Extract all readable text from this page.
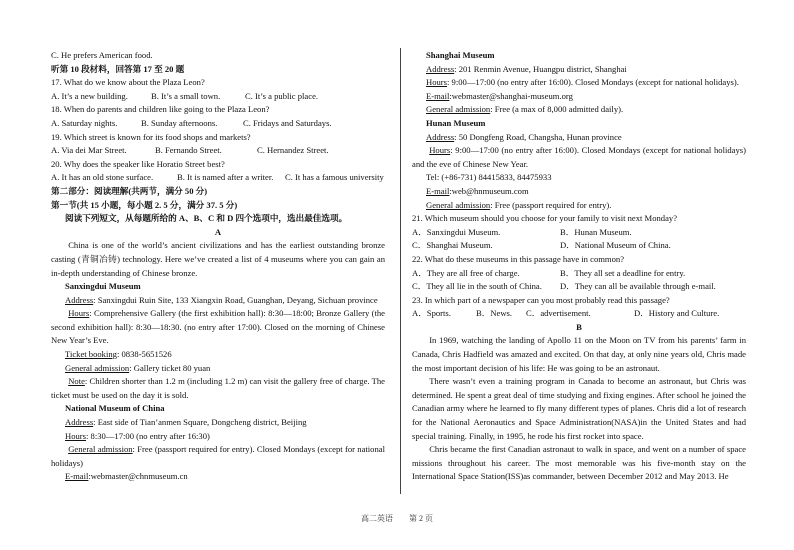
C. He prefers American food.
听第 10 段材料，回答第 17 至 20 题
17. What do we know about the Plaza Leon?
A. It’s a new building.	B. It’s a small town.	C. It’s a public place.
18. When do parents and children like going to the Plaza Leon?
A. Saturday nights.	B. Sunday afternoons.	C. Fridays and Saturdays.
19. Which street is known for its food shops and markets?
A. Via dei Mar Street.	B. Fernando Street.	C. Hernandez Street.
20. Why does the speaker like Horatio Street best?
A. It has an old stone surface.	B. It is named after a writer.	C. It has a famous university
第二部分：阅读理解(共两节，满分 50 分)
第一节(共 15 小题，每小题 2. 5 分，满分 37. 5 分)
阅读下列短文，从每题所给的 A、B、C 和 D 四个选项中，选出最佳选项。
A
China is one of the world’s ancient civilizations and has the earliest outstanding bronze casting (青铜冶铸) technology. Here we’ve created a list of 4 museums where you can gain an in-depth understanding of Chinese bronze.
Sanxingdui Museum
Address: Sanxingdui Ruin Site, 133 Xiangxin Road, Guanghan, Deyang, Sichuan province
Hours: Comprehensive Gallery (the first exhibition hall): 8:30—18:00; Bronze Gallery (the second exhibition hall): 8:30—18:30. (no entry after 17:00). Closed on the morning of Chinese New Year’s Eve.
Ticket booking: 0838-5651526
General admission: Gallery ticket 80 yuan
Note: Children shorter than 1.2 m (including 1.2 m) can visit the gallery free of charge. The ticket must be used on the day it is sold.
National Museum of China
Address: East side of Tian’anmen Square, Dongcheng district, Beijing
Hours: 8:30—17:00 (no entry after 16:30)
General admission: Free (passport required for entry). Closed Mondays (except for national holidays)
E-mail:webmaster@chnmuseum.cn
Shanghai Museum
Address: 201 Renmin Avenue, Huangpu district, Shanghai
Hours: 9:00—17:00 (no entry after 16:00). Closed Mondays (except for national holidays).
E-mail:webmaster@shanghai-museum.org
General admission: Free (a max of 8,000 admitted daily).
Hunan Museum
Address: 50 Dongfeng Road, Changsha, Hunan province
Hours: 9:00—17:00 (no entry after 16:00). Closed Mondays (except for national holidays) and the eve of Chinese New Year.
Tel: (+86-731) 84415833, 84475933
E-mail:web@hnmuseum.com
General admission: Free (passport required for entry).
21. Which museum should you choose for your family to visit next Monday?
A．Sanxingdui Museum.	B．Hunan Museum.
C．Shanghai Museum.	D．National Museum of China.
22. What do these museums in this passage have in common?
A．They are all free of charge.	B．They all set a deadline for entry.
C．They all lie in the south of China.	D．They can all be available through e-mail.
23. In which part of a newspaper can you most probably read this passage?
A．Sports.	B．News.	C．advertisement.	D．History and Culture.
B
In 1969, watching the landing of Apollo 11 on the Moon on TV from his parents’ farm in Canada, Chris Hadfield was amazed and excited. On that day, at only nine years old, Chris made the most important decision of his life: He was going to be an astronaut.
There wasn’t even a training program in Canada to become an astronaut, but Chris was determined. He spent a great deal of time studying and fixing engines. After school he joined the Canadian army where he learned to fly many different types of planes. Chris did a lot of research for the National Aeronautics and Space Administration(NASA)in the United States and had special training. Finally, in 1995, he rode his first rocket into space.
Chris became the first Canadian astronaut to walk in space, and went on a number of space missions throughout his career. The most memorable was his five-month stay on the International Space Station(ISS)as commander, between December 2012 and May 2013. He
高二英语 第 2 页
